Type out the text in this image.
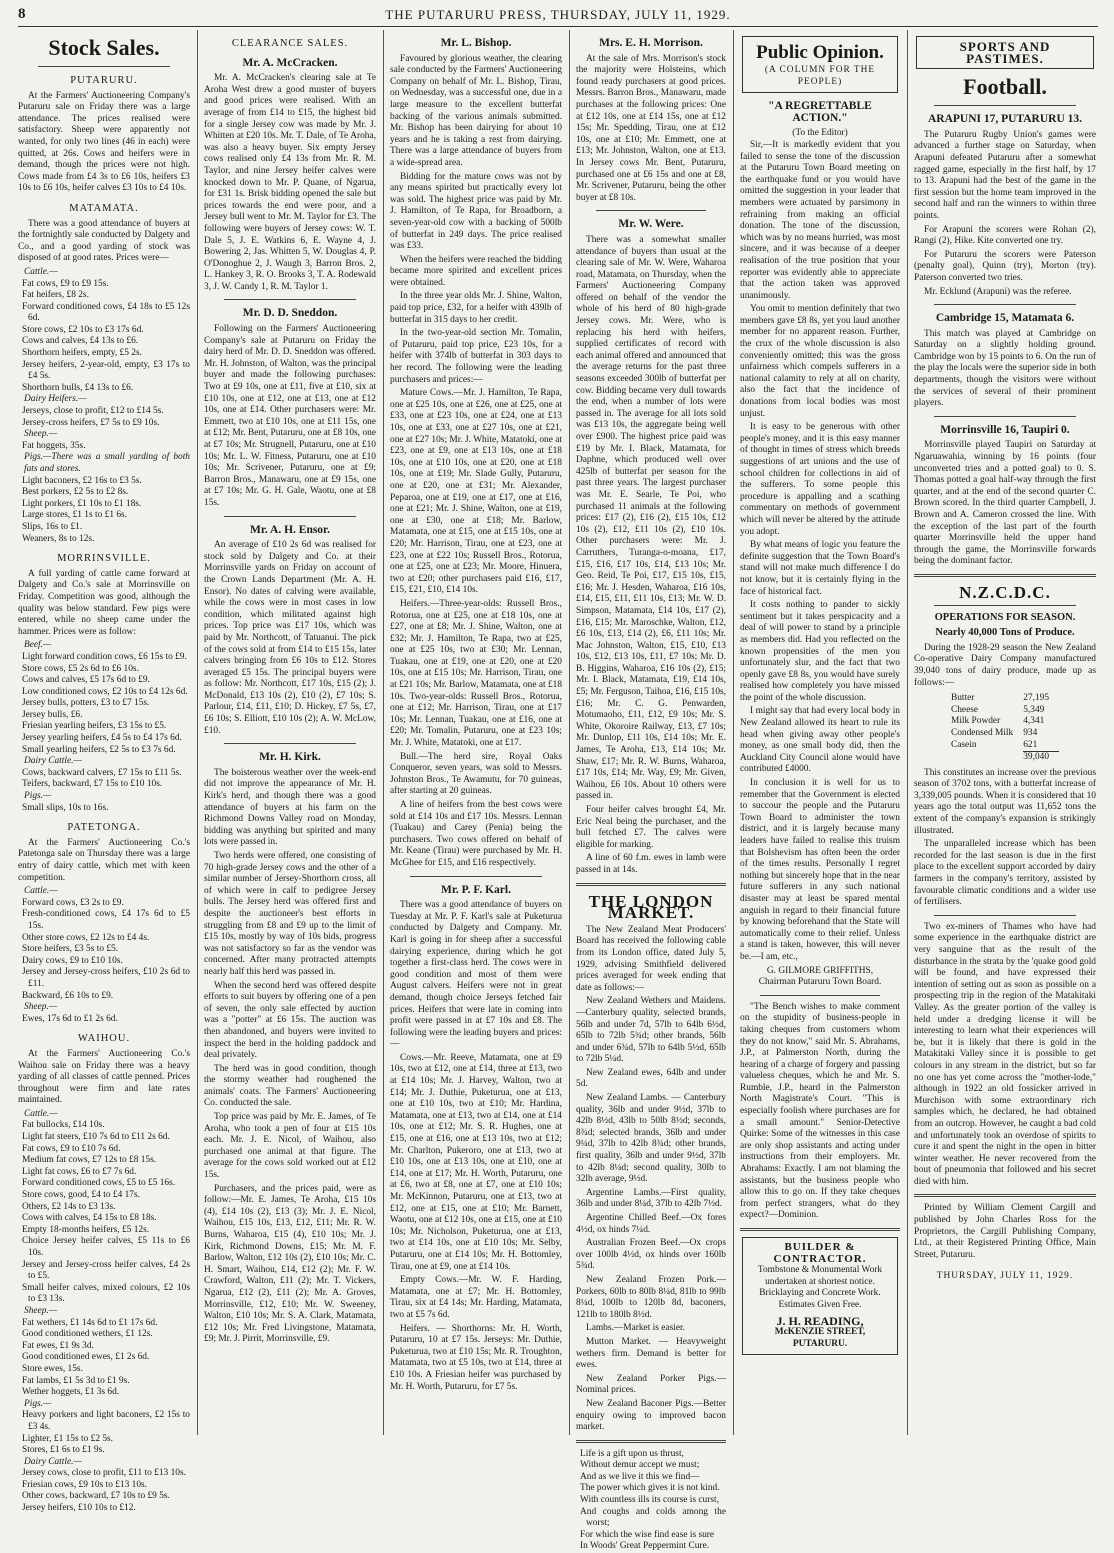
8	THE PUTARURU PRESS, THURSDAY, JULY 11, 1929.
Stock Sales.
PUTARURU.

At the Farmers' Auctioneering Company's Putaruru sale on Friday there was a large attendance. The prices realised were satisfactory. Sheep were apparently not wanted, for only two lines (46 in each) were quitted, at 26s. Cows and heifers were in demand, though the prices were not high. Cows made from £4 3s to £6 10s, heifers £3 10s to £6 10s, heifer calves £3 10s to £4 10s.

MATAMATA.

There was a good attendance of buyers at the fortnightly sale conducted by Dalgety and Co., and a good yarding of stock was disposed of at good rates. Prices were—

Cattle.—
Fat cows, £9 to £9 15s.
Fat heifers, £8 2s.
Forward conditioned cows, £4 18s to £5 12s 6d.
Store cows, £2 10s to £3 17s 6d.
Cows and calves, £4 13s to £6.
Shorthorn heifers, empty, £5 2s.
Jersey heifers, 2-year-old, empty, £3 17s to £4 5s.
Shorthorn bulls, £4 13s to £6.
Dairy Heifers.—
Jerseys, close to profit, £12 to £14 5s.
Jersey-cross heifers, £7 5s to £9 10s.
Sheep.—
Fat hoggets, 35s.
Pigs.—There was a small yarding of both fats and stores.
Light baconers, £2 16s to £3 5s.
Best porkers, £2 5s to £2 8s.
Light porkers, £1 10s to £1 18s.
Large stores, £1 1s to £1 6s.
Slips, 16s to £1.
Weaners, 8s to 12s.
MORRINSVILLE.

A full yarding of cattle came forward at Dalgety and Co.'s sale at Morrinsville on Friday. Competition was good, although the quality was below standard. Few pigs were entered, while no sheep came under the hammer. Prices were as follow:

Beef.—
Light forward condition cows, £6 15s to £9.
Store cows, £5 2s 6d to £6 10s.
Cows and calves, £5 17s 6d to £9.
Low conditioned cows, £2 10s to £4 12s 6d.
Jersey bulls, potters, £3 to £7 15s.
Jersey bulls, £6.
Friesian yearling heifers, £3 15s to £5.
Jersey yearling heifers, £4 5s to £4 17s 6d.
Small yearling heifers, £2 5s to £3 7s 6d.
Dairy Cattle.—
Cows, backward calvers, £7 15s to £11 5s.
Teifers, backward, £7 15s to £10 10s.
Pigs.—
Small slips, 10s to 16s.
PATETONGA.

At the Farmers' Auctioneering Co.'s Patetonga sale on Thursday there was a large entry of dairy cattle, which met with keen competition.

Cattle.—
Forward cows, £3 2s to £9.
Fresh-conditioned cows, £4 17s 6d to £5 15s.
Other store cows, £2 12s to £4 4s.
Store heifers, £3 5s to £5.
Dairy cows, £9 to £10 10s.
Jersey and Jersey-cross heifers, £10 2s 6d to £11.
Backward, £6 10s to £9.
Sheep.—
Ewes, 17s 6d to £1 2s 6d.
WAIHOU.

At the Farmers' Auctioneering Co.'s Waihou sale on Friday there was a heavy yarding of all classes of cattle penned. Prices throughout were firm and late rates maintained.

Cattle.—
Fat bullocks, £14 10s.
Light fat steers, £10 7s 6d to £11 2s 6d.
Fat cows, £9 to £10 7s 6d.
Medium fat cows, £7 12s to £8 15s.
Light fat cows, £6 to £7 7s 6d.
Forward conditioned cows, £5 to £5 16s.
Store cows, good, £4 to £4 17s.
Others, £2 14s to £3 13s.
Cows with calves, £4 15s to £8 18s.
Empty 18-months heifers, £5 12s.
Choice Jersey heifer calves, £5 11s to £6 10s.
Jersey and Jersey-cross heifer calves, £4 2s to £5.
Small heifer calves, mixed colours, £2 10s to £3 13s.
Sheep.—
Fat wethers, £1 14s 6d to £1 17s 6d.
Good conditioned wethers, £1 12s.
Fat ewes, £1 9s 3d.
Good conditioned ewes, £1 2s 6d.
Store ewes, 15s.
Fat lambs, £1 5s 3d to £1 9s.
Wether hoggets, £1 3s 6d.
Pigs.—
Heavy porkers and light baconers, £2 15s to £3 4s.
Lighter, £1 15s to £2 5s.
Stores, £1 6s to £1 9s.
Dairy Cattle.—
Jersey cows, close to profit, £11 to £13 10s.
Friesian cows, £9 10s to £13 10s.
Other cows, backward, £7 10s to £9 5s.
Jersey heifers, £10 10s to £12.
CLEARANCE SALES.
Mr. A. McCracken.

Mr. A. McCracken's clearing sale at Te Aroha West drew a good muster of buyers and good prices were realised. With an average of from £14 to £15, the highest bid for a single Jersey cow was made by Mr. J. Whitten at £20 10s. Mr. T. Dale, of Te Aroha, was also a heavy buyer. Six empty Jersey cows realised only £4 13s from Mr. R. M. Taylor, and nine Jersey heifer calves were knocked down to Mr. P. Quane, of Ngarua, for £31 1s. Brisk bidding opened the sale but prices towards the end were poor, and a Jersey bull went to Mr. M. Taylor for £3. The following were buyers of Jersey cows: W. T. Dale 5, J. E. Watkins 6, E. Wayne 4, J. Bowering 2, Jas. Whitten 5, W. Douglas 4, P. O'Donoghue 2, J. Waugh 3, Barron Bros. 2, L. Hankey 3, R. O. Brooks 3, T. A. Rodewald 3, J. W. Candy 1, R. M. Taylor 1.

Mr. D. D. Sneddon.

Following on the Farmers' Auctioneering Company's sale at Putaruru on Friday the dairy herd of Mr. D. D. Sneddon was offered. Mr. H. Johnston, of Walton, was the principal buyer and made the following purchases: Two at £9 10s, one at £11, five at £10, six at £10 10s, one at £12, one at £13, one at £12 10s, one at £14. Other purchasers were: Mr. Emmett, two at £10 10s, one at £11 15s, one at £12; Mr. Bent, Putaruru, one at £8 10s, one at £7 10s; Mr. Strugnell, Putaruru, one at £10 10s; Mr. L. W. Fitness, Putaruru, one at £10 10s; Mr. Scrivener, Putaruru, one at £9; Barron Bros., Manawaru, one at £9 15s, one at £7 10s; Mr. G. H. Gale, Waotu, one at £8 15s.

Mr. A. H. Ensor.

An average of £10 2s 6d was realised for stock sold by Dalgety and Co. at their Morrinsville yards on Friday on account of the Crown Lands Department (Mr. A. H. Ensor). No dates of calving were available, while the cows were in most cases in low condition, which militated against high prices. Top price was £17 10s, which was paid by Mr. Northcott, of Tatuanui. The pick of the cows sold at from £14 to £15 15s, later calvers bringing from £6 10s to £12. Stores averaged £5 15s. The principal buyers were as follow: Mr. Northcott, £17 10s, £15 (2); J. McDonald, £13 10s (2), £10 (2), £7 10s; S. Parlour, £14, £11, £10; D. Hickey, £7 5s, £7, £6 10s; S. Elliott, £10 10s (2); A. W. McLow, £10.

Mr. H. Kirk.

The boisterous weather over the week-end did not improve the appearance of Mr. H. Kirk's herd, and though there was a good attendance of buyers at his farm on the Richmond Downs Valley road on Monday, bidding was anything but spirited and many lots were passed in.

Two herds were offered, one consisting of 70 high-grade Jersey cows and the other of a similar number of Jersey-Shorthorn cross, all of which were in calf to pedigree Jersey bulls. The Jersey herd was offered first and despite the auctioneer's best efforts in struggling from £8 and £9 up to the limit of £15 10s, mostly by way of 10s bids, progress was not satisfactory so far as the vendor was concerned. After many protracted attempts nearly half this herd was passed in.

When the second herd was offered despite efforts to suit buyers by offering one of a pen of seven, the only sale effected by auction was a "potter" at £6 15s. The auction was then abandoned, and buyers were invited to inspect the herd in the holding paddock and deal privately.

The herd was in good condition, though the stormy weather had roughened the animals' coats. The Farmers' Auctioneering Co. conducted the sale.

Top price was paid by Mr. E. James, of Te Aroha, who took a pen of four at £15 10s each. Mr. J. E. Nicol, of Waihou, also purchased one animal at that figure. The average for the cows sold worked out at £12 15s.

Purchasers, and the prices paid, were as follow:—Mr. E. James, Te Aroha, £15 10s (4), £14 10s (2), £13 (3); Mr. J. E. Nicol, Waihou, £15 10s, £13, £12, £11; Mr. R. W. Burns, Waharoa, £15 (4), £10 10s; Mr. J. Kirk, Richmond Downs, £15; Mr. M. F. Barlow, Walton, £12 10s (2), £10 10s; Mr. C. H. Smart, Waihou, £14, £12 (2); Mr. F. W. Crawford, Walton, £11 (2); Mr. T. Vickers, Ngarua, £12 (2), £11 (2); Mr. A. Groves, Morrinsville, £12, £10; Mr. W. Sweeney, Walton, £10 10s; Mr. S. A. Clark, Matamata, £12 10s; Mr. Fred Livingstone, Matamata, £9; Mr. J. Pirrit, Morrinsville, £9.

Mr. L. Bishop.

Favoured by glorious weather, the clearing sale conducted by the Farmers' Auctioneering Company on behalf of Mr. L. Bishop, Tirau, on Wednesday, was a successful one, due in a large measure to the excellent butterfat backing of the various animals submitted. Mr. Bishop has been dairying for about 10 years and he is taking a rest from dairying. There was a large attendance of buyers from a wide-spread area.

Bidding for the mature cows was not by any means spirited but practically every lot was sold. The highest price was paid by Mr. J. Hamilton, of Te Rapa, for Broadborn, a seven-year-old cow with a backing of 500lb of butterfat in 249 days. The price realised was £33.

When the heifers were reached the bidding became more spirited and excellent prices were obtained.

In the three year olds Mr. J. Shine, Walton, paid top price, £32, for a heifer with 439lb of butterfat in 315 days to her credit.

In the two-year-old section Mr. Tomalin, of Putaruru, paid top price, £23 10s, for a heifer with 374lb of butterfat in 303 days to her record. The following were the leading purchasers and prices:—

Mature Cows.—Mr. J. Hamilton, Te Rapa, one at £25 10s, one at £26, one at £25, one at £33, one at £23 10s, one at £24, one at £13 10s, one at £33, one at £27 10s, one at £21, one at £27 10s; Mr. J. White, Matatoki, one at £23, one at £9, one at £13 10s, one at £18 10s, one at £10 10s, one at £20, one at £18 10s, one at £19; Mr. Slade Gully, Putaruru, one at £20, one at £31; Mr. Alexander, Peparoa, one at £19, one at £17, one at £16, one at £21; Mr. J. Shine, Walton, one at £19, one at £30, one at £18; Mr. Barlow, Matamata, one at £15, one at £15 10s, one at £20; Mr. Harrison, Tirau, one at £23, one at £23, one at £22 10s; Russell Bros., Rotorua, one at £25, one at £23; Mr. Moore, Hinuera, two at £20; other purchasers paid £16, £17, £15, £21, £10, £14 10s.

Heifers.—Three-year-olds: Russell Bros., Rotorua, one at £25, one at £18 10s, one at £27, one at £8; Mr. J. Shine, Walton, one at £32; Mr. J. Hamilton, Te Rapa, two at £25, one at £25 10s, two at £30; Mr. Lennan, Tuakau, one at £19, one at £20, one at £20 10s, one at £15 10s; Mr. Harrison, Tirau, one at £21 10s; Mr. Barlow, Matamata, one at £18 10s. Two-year-olds: Russell Bros., Rotorua, one at £12; Mr. Harrison, Tirau, one at £17 10s; Mr. Lennan, Tuakau, one at £16, one at £20; Mr. Tomalin, Putaruru, one at £23 10s; Mr. J. White, Matatoki, one at £17.

Bull.—The herd sire, Royal Oaks Conqueror, seven years, was sold to Messrs. Johnston Bros., Te Awamutu, for 70 guineas, after starting at 20 guineas.

A line of heifers from the best cows were sold at £14 10s and £17 10s. Messrs. Lennan (Tuakau) and Carey (Penia) being the purchasers. Two cows offered on behalf of Mr. Keane (Tirau) were purchased by Mr. H. McGhee for £15, and £16 respectively.

Mr. P. F. Karl.

There was a good attendance of buyers on Tuesday at Mr. P. F. Karl's sale at Puketurua conducted by Dalgety and Company. Mr. Karl is going in for sheep after a successful dairying experience, during which he got together a first-class herd. The cows were in good condition and most of them were August calvers. Heifers were not in great demand, though choice Jerseys fetched fair prices. Heifers that were late in coming into profit were passed in at £7 10s and £8. The following were the leading buyers and prices:—

Cows.—Mr. Reeve, Matamata, one at £9 10s, two at £12, one at £14, three at £13, two at £14 10s; Mr. J. Harvey, Walton, two at £14; Mr. J. Duthie, Puketurua, one at £13, one at £10 10s, two at £10; Mr. Hardina, Matamata, one at £13, two at £14, one at £14 10s, one at £12; Mr. S. R. Hughes, one at £15, one at £16, one at £13 10s, two at £12; Mr. Charlton, Pukeroro, one at £13, two at £10 10s, one at £13 10s, one at £10, one at £14, one at £17; Mr. H. Worth, Putaruru, one at £6, two at £8, one at £7, one at £10 10s; Mr. McKinnon, Putaruru, one at £13, two at £12, one at £15, one at £10; Mr. Barnett, Waotu, one at £12 10s, one at £15, one at £10 10s; Mr. Nicholson, Puketurua, one at £13, two at £14 10s, one at £10 10s; Mr. Selby, Putaruru, one at £14 10s; Mr. H. Bottomley, Tirau, one at £9, one at £14 10s.

Empty Cows.—Mr. W. F. Harding, Matamata, one at £7; Mr. H. Bottomley, Tirau, six at £4 14s; Mr. Harding, Matamata, two at £5 7s 6d.

Heifers. — Shorthorns: Mr. H. Worth, Putaruru, 10 at £7 15s. Jerseys: Mr. Duthie, Puketurua, two at £10 15s; Mr. R. Troughton, Matamata, two at £5 10s, two at £14, three at £10 10s. A Friesian heifer was purchased by Mr. H. Worth, Putaruru, for £7 5s.

Mrs. E. H. Morrison.

At the sale of Mrs. Morrison's stock the majority were Holsteins, which found ready purchasers at good prices. Messrs. Barron Bros., Manawaru, made purchases at the following prices: One at £12 10s, one at £14 15s, one at £12 15s; Mr. Spedding, Tirau, one at £12 10s, one at £10; Mr. Emmett, one at £13; Mr. Johnston, Walton, one at £13. In Jersey cows Mr. Bent, Putaruru, purchased one at £6 15s and one at £8, Mr. Scrivener, Putaruru, being the other buyer at £8 10s.

Mr. W. Were.

There was a somewhat smaller attendance of buyers than usual at the clearing sale of Mr. W. Were, Waharoa road, Matamata, on Thursday, when the Farmers' Auctioneering Company offered on behalf of the vendor the whole of his herd of 80 high-grade Jersey cows. Mr. Were, who is replacing his herd with heifers, supplied certificates of record with each animal offered and announced that the average returns for the past three seasons exceeded 300lb of butterfat per cow. Bidding became very dull towards the end, when a number of lots were passed in. The average for all lots sold was £13 10s, the aggregate being well over £900. The highest price paid was £19 by Mr. I. Black, Matamata, for Daphne, which produced well over 425lb of butterfat per season for the past three years. The largest purchaser was Mr. E. Searle, Te Poi, who purchased 11 animals at the following prices: £17 (2), £16 (2), £15 10s, £12 10s (2), £12, £11 10s (2), £10 10s. Other purchasers were: Mr. J. Carruthers, Turanga-o-moana, £17, £15, £16, £17 10s, £14, £13 10s; Mr. Geo. Reid, Te Poi, £17, £15 10s, £15, £16; Mr. J. Hesden, Waharoa, £16 10s, £14, £15, £11, £11 10s, £13; Mr. W. D. Simpson, Matamata, £14 10s, £17 (2), £16, £15; Mr. Maroschke, Walton, £12, £6 10s, £13, £14 (2), £6, £11 10s; Mr. Mac Johnston, Walton, £15, £10, £13 10s, £12, £13 10s, £11, £7 10s; Mr. D. B. Higgins, Waharoa, £16 10s (2), £15; Mr. I. Black, Matamata, £19, £14 10s, £5; Mr. Ferguson, Taihoa, £16, £15 10s, £16; Mr. C. G. Penwarden, Motumaoho, £11, £12, £9 10s; Mr. S. White, Okoroire Railway, £13, £7 10s; Mr. Dunlop, £11 10s, £14 10s; Mr. E. James, Te Aroha, £13, £14 10s; Mr. Shaw, £17; Mr. R. W. Burns, Waharoa, £17 10s, £14; Mr. Way, £9; Mr. Given, Waihou, £6 10s. About 10 others were passed in.

Four heifer calves brought £4, Mr. Eric Neal being the purchaser, and the bull fetched £7. The calves were eligible for marking.

A line of 60 f.m. ewes in lamb were passed in at 14s.

THE LONDON MARKET.

The New Zealand Meat Producers' Board has received the following cable from its London office, dated July 5, 1929, advising Smithfield delivered prices averaged for week ending that date as follows:—

New Zealand Wethers and Maidens.—Canterbury quality, selected brands, 56lb and under 7d, 57lb to 64lb 6½d, 65lb to 72lb 5¾d; other brands, 56lb and under 6¾d, 57lb to 64lb 5½d, 65lb to 72lb 5¼d.

New Zealand ewes, 64lb and under 5d.

New Zealand Lambs. — Canterbury quality, 36lb and under 9½d, 37lb to 42lb 8½d, 43lb to 50lb 8½d; seconds, 8¾d; selected brands, 36lb and under 9¼d, 37lb to 42lb 8¾d; other brands, first quality, 36lb and under 9½d, 37lb to 42lb 8¼d; second quality, 30lb to 32lb average, 9½d.

Argentine Lambs.—First quality, 36lb and under 8¼d, 37lb to 42lb 7½d.

Argentine Chilled Beef.—Ox fores 4½d, ox hinds 7¼d.

Australian Frozen Beef.—Ox crops over 100lb 4½d, ox hinds over 160lb 5¾d.

New Zealand Frozen Pork.—Porkers, 60lb to 80lb 8¼d, 81lb to 99lb 8¼d, 100lb to 120lb 8d, baconers, 121lb to 180lb 8½d.

Lambs.—Market is easier.

Mutton Market. — Heavyweight wethers firm. Demand is better for ewes.

New Zealand Porker Pigs.—Nominal prices.

New Zealand Baconer Pigs.—Better enquiry owing to improved bacon market.

Life is a gift upon us thrust,
Without demur accept we must;
And as we live it this we find—
The power which gives it is not kind.
With countless ills its course is curst,
And coughs and colds among the worst;
For which the wise find ease is sure
In Woods' Great Peppermint Cure.
Public Opinion.
(A COLUMN FOR THE PEOPLE)
"A REGRETTABLE ACTION."
(To the Editor)

Sir,—It is markedly evident that you failed to sense the tone of the discussion at the Putaruru Town Board meeting on the earthquake fund or you would have omitted the suggestion in your leader that members were actuated by parsimony in refraining from making an official donation. The tone of the discussion, which was by no means hurried, was most sincere, and it was because of a deeper realisation of the true position that your reporter was evidently able to appreciate that the action taken was approved unanimously.

You omit to mention definitely that two members gave £8 8s, yet you laud another member for no apparent reason. Further, the crux of the whole discussion is also conveniently omitted; this was the gross unfairness which compels sufferers in a national calamity to rely at all on charity, also the fact that the incidence of donations from local bodies was most unjust.

It is easy to be generous with other people's money, and it is this easy manner of thought in times of stress which breeds suggestions of art unions and the use of school children for collections in aid of the sufferers. To some people this procedure is appalling and a scathing commentary on methods of government which will never be altered by the attitude you adopt.

By what means of logic you feature the definite suggestion that the Town Board's stand will not make much difference I do not know, but it is certainly flying in the face of historical fact.

It costs nothing to pander to sickly sentiment but it takes perspicacity and a deal of will power to stand by a principle as members did. Had you reflected on the known propensities of the men you unfortunately slur, and the fact that two openly gave £8 8s, you would have surely realised how completely you have missed the point of the whole discussion.

I might say that had every local body in New Zealand allowed its heart to rule its head when giving away other people's money, as one small body did, then the Auckland City Council alone would have contributed £4000.

In conclusion it is well for us to remember that the Government is elected to succour the people and the Putaruru Town Board to administer the town district, and it is largely because many leaders have failed to realise this truism that Bolshevism has often been the order of the times results. Personally I regret nothing but sincerely hope that in the near future sufferers in any such national disaster may at least be spared mental anguish in regard to their financial future by knowing beforehand that the State will automatically come to their relief. Unless a stand is taken, however, this will never be.—I am, etc.,

G. GILMORE GRIFFITHS,
Chairman Putaruru Town Board.

"The Bench wishes to make comment on the stupidity of business-people in taking cheques from customers whom they do not know," said Mr. S. Abrahams, J.P., at Palmerston North, during the hearing of a charge of forgery and passing valueless cheques, which he and Mr. S. Rumble, J.P., heard in the Palmerston North Magistrate's Court. "This is especially foolish where purchases are for a small amount." Senior-Detective Quirke: Some of the witnesses in this case are only shop assistants and acting under instructions from their employers. Mr. Abrahams: Exactly. I am not blaming the assistants, but the business people who allow this to go on. If they take cheques from perfect strangers, what do they expect?—Dominion.

BUILDER & CONTRACTOR.
Tombstone & Monumental Work undertaken at shortest notice.
Bricklaying and Concrete Work.
Estimates Given Free.
J. H. READING,
McKENZIE STREET,
PUTARURU.
SPORTS AND PASTIMES.
Football.
ARAPUNI 17, PUTARURU 13.

The Putaruru Rugby Union's games were advanced a further stage on Saturday, when Arapuni defeated Putaruru after a somewhat ragged game, especially in the first half, by 17 to 13. Arapuni had the best of the game in the first session but the home team improved in the second half and ran the winners to within three points.

For Arapuni the scorers were Rohan (2), Rangi (2), Hike. Kite converted one try.

For Putaruru the scorers were Paterson (penalty goal), Quinn (try), Morton (try). Paterson converted two tries.

Mr. Ecklund (Arapuni) was the referee.

Cambridge 15, Matamata 6.

This match was played at Cambridge on Saturday on a slightly holding ground. Cambridge won by 15 points to 6. On the run of the play the locals were the superior side in both departments, though the visitors were without the services of several of their prominent players.

Morrinsville 16, Taupiri 0.

Morrinsville played Taupiri on Saturday at Ngaruawahia, winning by 16 points (four unconverted tries and a potted goal) to 0. S. Thomas potted a goal half-way through the first quarter, and at the end of the second quarter C. Brown scored. In the third quarter Campbell, J. Brown and A. Cameron crossed the line. With the exception of the last part of the fourth quarter Morrinsville held the upper hand through the game, the Morrinsville forwards being the dominant factor.

N.Z.C.D.C.
OPERATIONS FOR SEASON.
Nearly 40,000 Tons of Produce.

During the 1928-29 season the New Zealand Co-operative Dairy Company manufactured 39,040 tons of dairy produce, made up as follows:—

Butter	27,195
Cheese	5,349
Milk Powder	4,341
Condensed Milk	934
Casein	621
	39,040

This constitutes an increase over the previous season of 3702 tons, with a butterfat increase of 3,339,005 pounds. When it is considered that 10 years ago the total output was 11,652 tons the extent of the company's expansion is strikingly illustrated.

The unparalleled increase which has been recorded for the last season is due in the first place to the excellent support accorded by dairy farmers in the company's territory, assisted by favourable climatic conditions and a wider use of fertilisers.

Two ex-miners of Thames who have had some experience in the earthquake district are very sanguine that as the result of the disturbance in the strata by the 'quake good gold will be found, and have expressed their intention of setting out as soon as possible on a prospecting trip in the region of the Matakitaki Valley. As the greater portion of the valley is held under a dredging license it will be interesting to learn what their experiences will be, but it is likely that there is gold in the Matakitaki Valley since it is possible to get colours in any stream in the district, but so far no one has yet come across the "mother-lode," although in 1922 an old fossicker arrived in Murchison with some extraordinary rich samples which, he declared, he had obtained from an outcrop. However, he caught a bad cold and unfortunately took an overdose of spirits to cure it and spent the night in the open in bitter winter weather. He never recovered from the bout of pneumonia that followed and his secret died with him.

Printed by William Clement Cargill and published by John Charles Ross for the Proprietors, the Cargill Publishing Company, Ltd., at their Registered Printing Office, Main Street, Putaruru.

THURSDAY, JULY 11, 1929.
